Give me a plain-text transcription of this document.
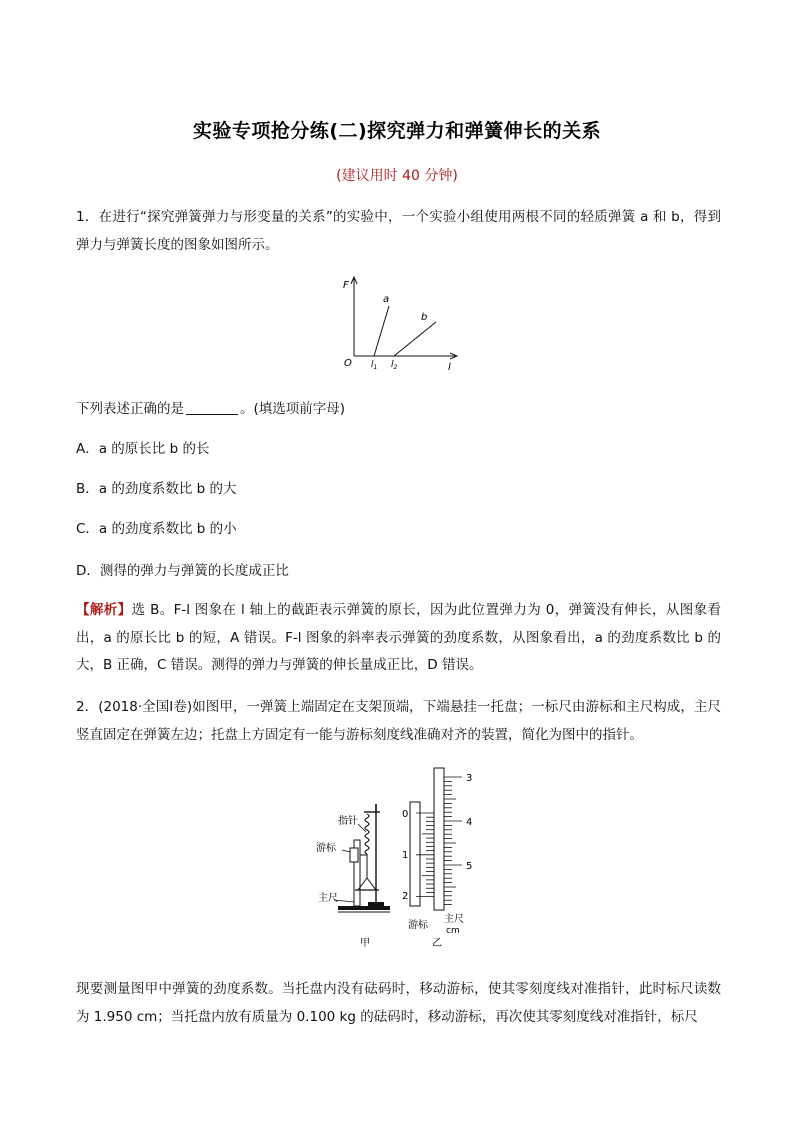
实验专项抢分练(二)探究弹力和弹簧伸长的关系
(建议用时 40 分钟)

1．在进行“探究弹簧弹力与形变量的关系”的实验中，一个实验小组使用两根不同的轻质弹簧 a 和 b，得到弹力与弹簧长度的图象如图所示。

F
l
O
a
b
$l_1$ $l_2$

下列表述正确的是	。(填选项前字母)

A．a 的原长比 b 的长

B．a 的劲度系数比 b 的大

C．a 的劲度系数比 b 的小

D．测得的弹力与弹簧的长度成正比

【解析】选 B。F-l 图象在 l 轴上的截距表示弹簧的原长，因为此位置弹力为 0，弹簧没有伸长，从图象看出，a 的原长比 b 的短，A 错误。F-l 图象的斜率表示弹簧的劲度系数，从图象看出，a 的劲度系数比 b 的大，B 正确，C 错误。测得的弹力与弹簧的伸长量成正比，D 错误。

2．(2018·全国Ⅰ卷)如图甲，一弹簧上端固定在支架顶端，下端悬挂一托盘；一标尺由游标和主尺构成，主尺竖直固定在弹簧左边；托盘上方固定有一能与游标刻度线准确对齐的装置，简化为图中的指针。

指针
游标
主尺
甲
3
4
5
0
1
2
游标
主尺
cm
乙

现要测量图甲中弹簧的劲度系数。当托盘内没有砝码时，移动游标，使其零刻度线对准指针，此时标尺读数为 1.950 cm；当托盘内放有质量为 0.100 kg 的砝码时，移动游标，再次使其零刻度线对准指针，标尺
